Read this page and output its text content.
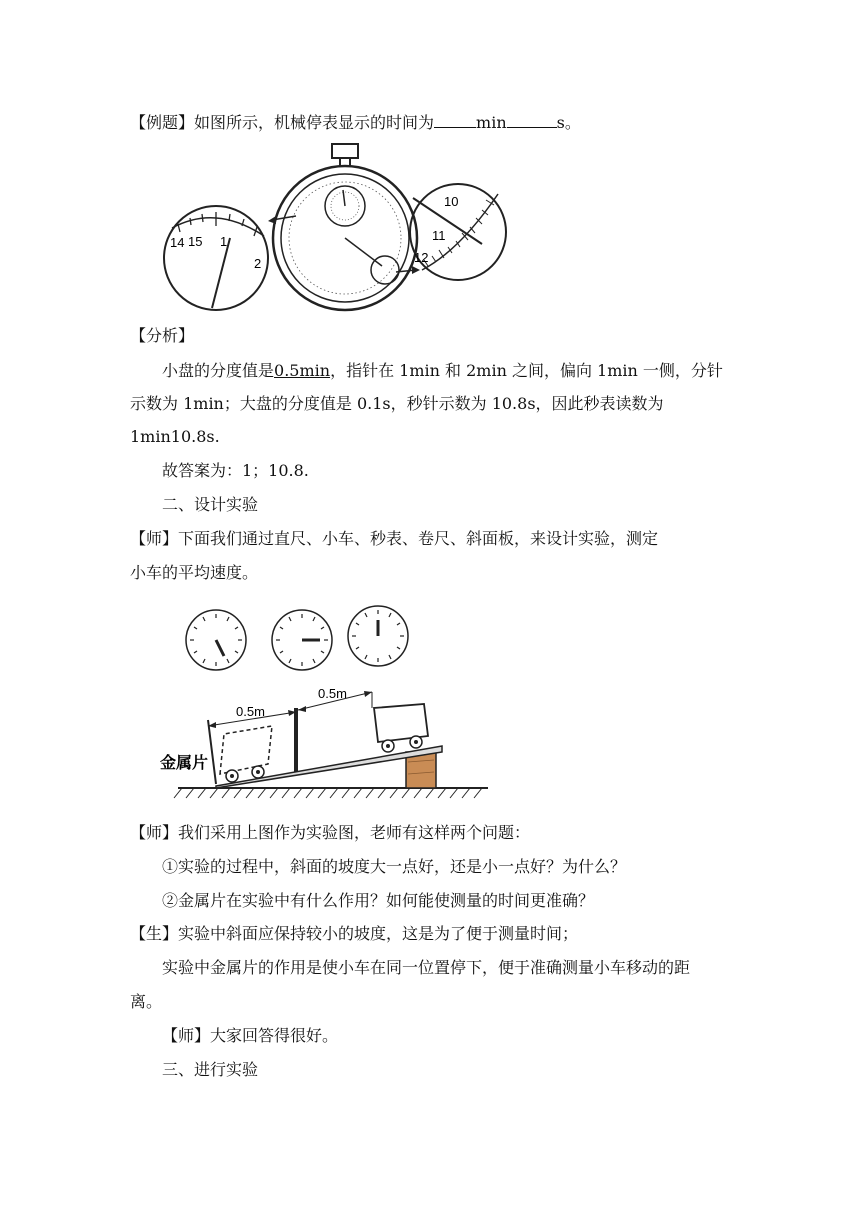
【例题】如图所示，机械停表显示的时间为	min	s。
14 15 1
2
10
11
12
【分析】
小盘的分度值是0.5min，指针在 1min 和 2min 之间，偏向 1min 一侧，分针
示数为 1min；大盘的分度值是 0.1s，秒针示数为 10.8s，因此秒表读数为
1min10.8s.
故答案为：1；10.8.
二、设计实验
【师】下面我们通过直尺、小车、秒表、卷尺、斜面板，来设计实验，测定
小车的平均速度。
金属片
0.5m
0.5m
【师】我们采用上图作为实验图，老师有这样两个问题：
①实验的过程中，斜面的坡度大一点好，还是小一点好？为什么？
②金属片在实验中有什么作用？如何能使测量的时间更准确？
【生】实验中斜面应保持较小的坡度，这是为了便于测量时间；
实验中金属片的作用是使小车在同一位置停下，便于准确测量小车移动的距
离。
【师】大家回答得很好。
三、进行实验
